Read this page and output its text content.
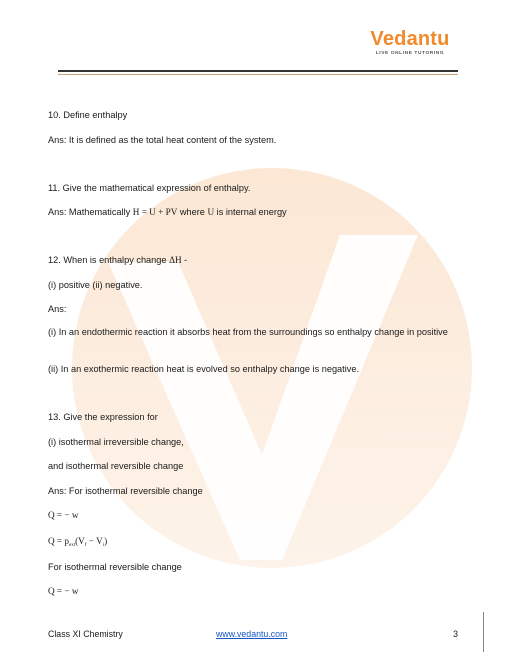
Vedantu
LIVE ONLINE TUTORING
10. Define enthalpy
Ans: It is defined as the total heat content of the system.
11. Give the mathematical expression of enthalpy.
Ans: Mathematically H = U + PV where U is internal energy
12. When is enthalpy change ΔH -
(i) positive (ii) negative.
Ans:
(i) In an endothermic reaction it absorbs heat from the surroundings so enthalpy change in positive
(ii) In an exothermic reaction heat is evolved so enthalpy change is negative.
13. Give the expression for
(i) isothermal irreversible change,
and isothermal reversible change
Ans: For isothermal reversible change
Q = − w
$Q = p_{ext}(V_f - V_i)$
For isothermal reversible change
Q = − w
Class XI Chemistry	www.vedantu.com	3
